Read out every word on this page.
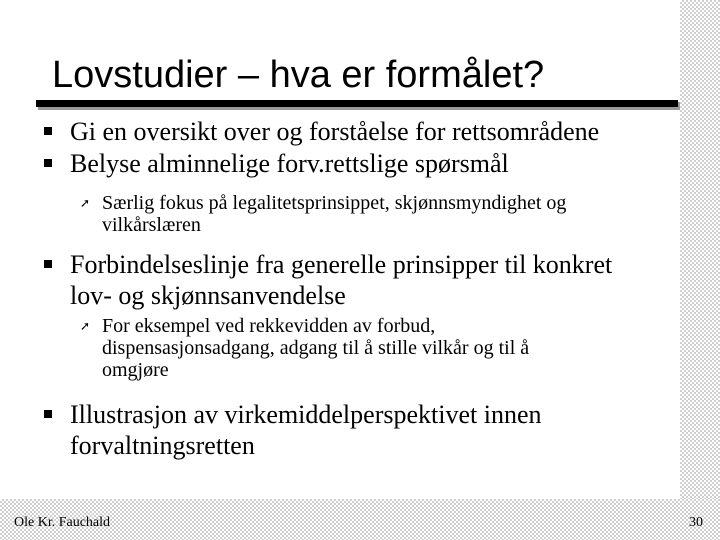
Lovstudier – hva er formålet?
Gi en oversikt over og forståelse for rettsområdene
Belyse alminnelige forv.rettslige spørsmål
➚ Særlig fokus på legalitetsprinsippet, skjønnsmyndighet og
vilkårslæren
Forbindelseslinje fra generelle prinsipper til konkret
lov- og skjønnsanvendelse
➚ For eksempel ved rekkevidden av forbud,
dispensasjonsadgang, adgang til å stille vilkår og til å
omgjøre
Illustrasjon av virkemiddelperspektivet innen
forvaltningsretten
Ole Kr. Fauchald	30
